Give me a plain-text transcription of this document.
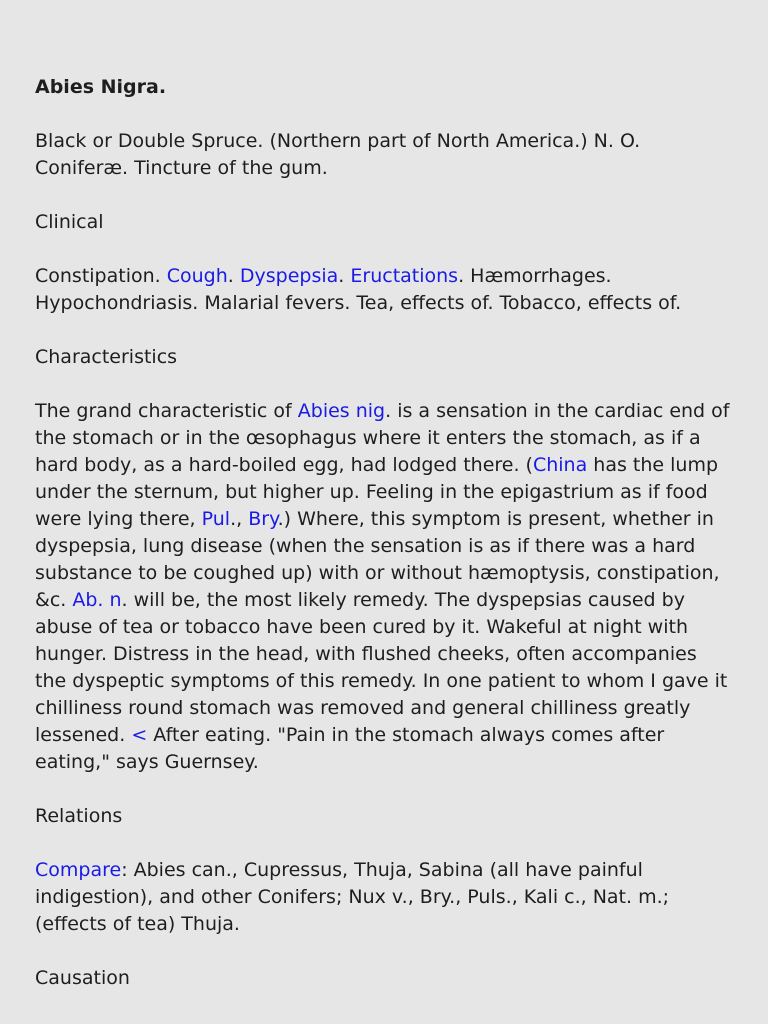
Abies Nigra.

Black or Double Spruce. (Northern part of North America.) N. O. Coniferæ. Tincture of the gum.

Clinical

Constipation. Cough. Dyspepsia. Eructations. Hæmorrhages. Hypochondriasis. Malarial fevers. Tea, effects of. Tobacco, effects of.

Characteristics

The grand characteristic of Abies nig. is a sensation in the cardiac end of the stomach or in the œsophagus where it enters the stomach, as if a hard body, as a hard-boiled egg, had lodged there. (China has the lump under the sternum, but higher up. Feeling in the epigastrium as if food were lying there, Pul., Bry.) Where, this symptom is present, whether in dyspepsia, lung disease (when the sensation is as if there was a hard substance to be coughed up) with or without hæmoptysis, constipation, &c. Ab. n. will be, the most likely remedy. The dyspepsias caused by abuse of tea or tobacco have been cured by it. Wakeful at night with hunger. Distress in the head, with flushed cheeks, often accompanies the dyspeptic symptoms of this remedy. In one patient to whom I gave it chilliness round stomach was removed and general chilliness greatly lessened. < After eating. "Pain in the stomach always comes after eating," says Guernsey.

Relations

Compare: Abies can., Cupressus, Thuja, Sabina (all have painful indigestion), and other Conifers; Nux v., Bry., Puls., Kali c., Nat. m.; (effects of tea) Thuja.

Causation
